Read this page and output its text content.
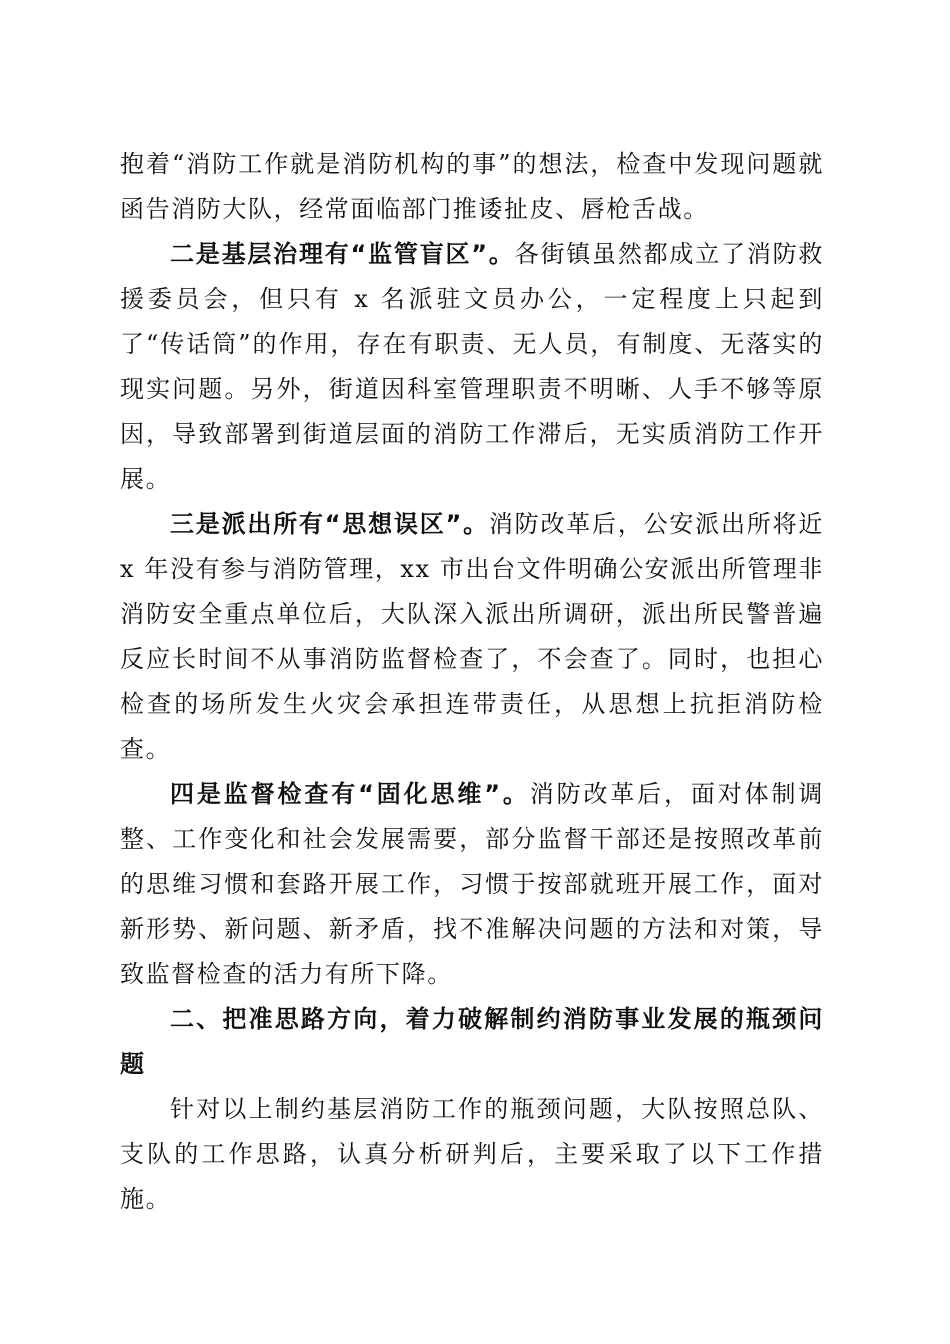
抱着“消防工作就是消防机构的事”的想法，检查中发现问题就函告消防大队，经常面临部门推诿扯皮、唇枪舌战。

二是基层治理有“监管盲区”。各街镇虽然都成立了消防救援委员会，但只有 x 名派驻文员办公，一定程度上只起到了“传话筒”的作用，存在有职责、无人员，有制度、无落实的现实问题。另外，街道因科室管理职责不明晰、人手不够等原因，导致部署到街道层面的消防工作滞后，无实质消防工作开展。

三是派出所有“思想误区”。消防改革后，公安派出所将近 x 年没有参与消防管理，xx 市出台文件明确公安派出所管理非消防安全重点单位后，大队深入派出所调研，派出所民警普遍反应长时间不从事消防监督检查了，不会查了。同时，也担心检查的场所发生火灾会承担连带责任，从思想上抗拒消防检查。

四是监督检查有“固化思维”。消防改革后，面对体制调整、工作变化和社会发展需要，部分监督干部还是按照改革前的思维习惯和套路开展工作，习惯于按部就班开展工作，面对新形势、新问题、新矛盾，找不准解决问题的方法和对策，导致监督检查的活力有所下降。

二、把准思路方向，着力破解制约消防事业发展的瓶颈问题

针对以上制约基层消防工作的瓶颈问题，大队按照总队、支队的工作思路，认真分析研判后，主要采取了以下工作措施。
